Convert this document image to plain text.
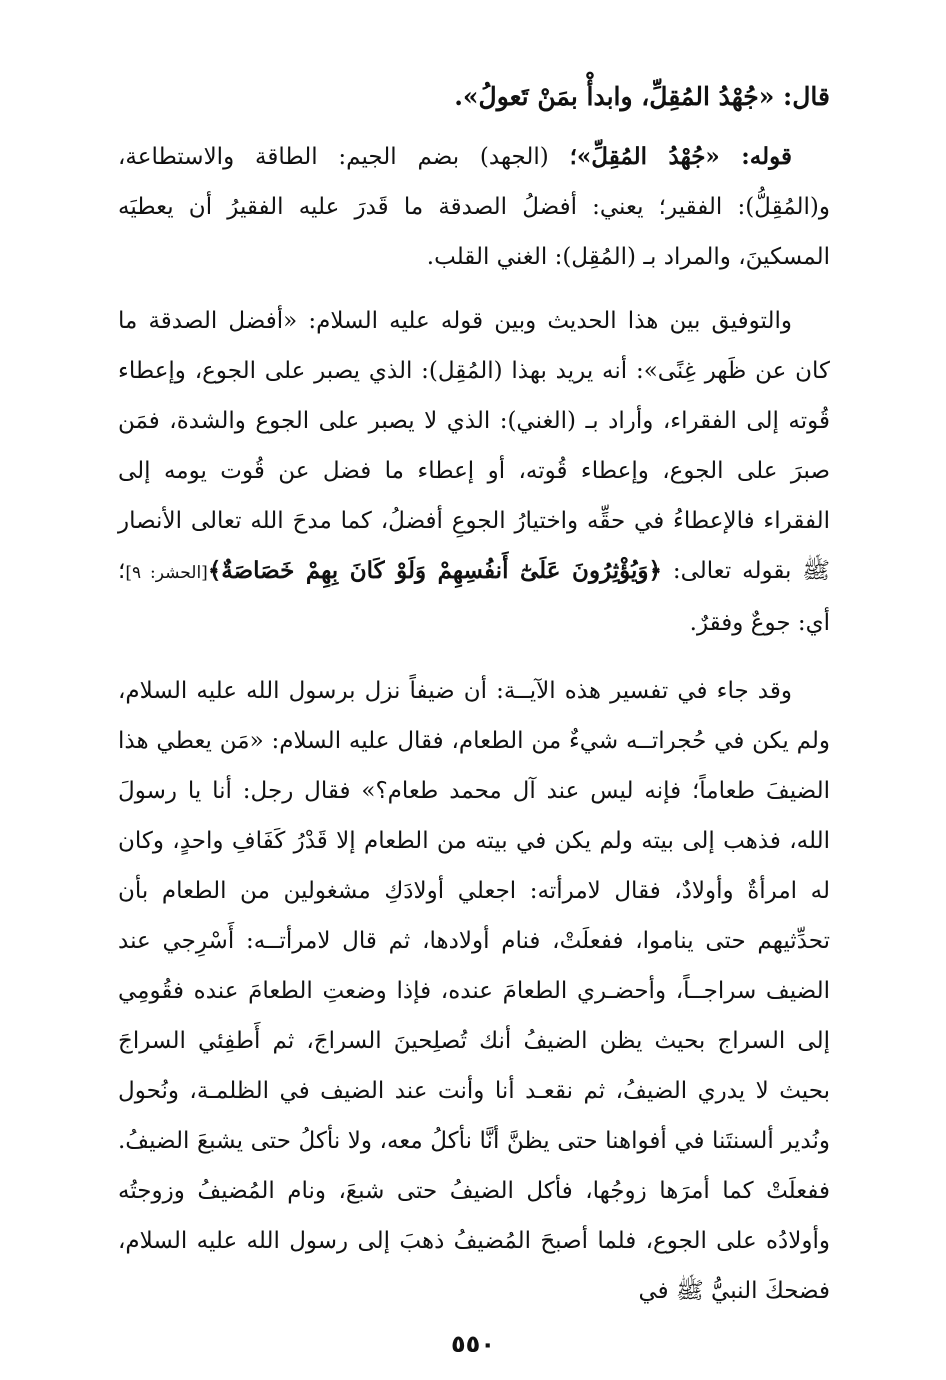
قال: «جُهْدُ المُقِلِّ، وابدأْ بمَنْ تَعولُ».

قوله: «جُهْدُ المُقِلِّ»؛ (الجهد) بضم الجيم: الطاقة والاستطاعة، و(المُقِلُّ): الفقير؛ يعني: أفضلُ الصدقة ما قَدرَ عليه الفقيرُ أن يعطيَه المسكينَ، والمراد بـ (المُقِل): الغني القلب.

والتوفيق بين هذا الحديث وبين قوله عليه السلام: «أفضل الصدقة ما كان عن ظَهر غِنًى»: أنه يريد بهذا (المُقِل): الذي يصبر على الجوع، وإعطاء قُوته إلى الفقراء، وأراد بـ (الغني): الذي لا يصبر على الجوع والشدة، فمَن صبرَ على الجوع، وإعطاء قُوته، أو إعطاء ما فضل عن قُوت يومه إلى الفقراء فالإعطاءُ في حقِّه واختيارُ الجوعِ أفضلُ، كما مدحَ الله تعالى الأنصار ﷺ بقوله تعالى: ﴿وَيُؤْثِرُونَ عَلَىٰٓ أَنفُسِهِمْ وَلَوْ كَانَ بِهِمْ خَصَاصَةٌ﴾[الحشر: ٩]؛ أي: جوعٌ وفقرٌ.

وقد جاء في تفسير هذه الآيــة: أن ضيفاً نزل برسول الله عليه السلام، ولم يكن في حُجراتــه شيءٌ من الطعام، فقال عليه السلام: «مَن يعطي هذا الضيفَ طعاماً؛ فإنه ليس عند آل محمد طعام؟» فقال رجل: أنا يا رسولَ الله، فذهب إلى بيته ولم يكن في بيته من الطعام إلا قَدْرُ كَفَافِ واحدٍ، وكان له امرأةٌ وأولادٌ، فقال لامرأته: اجعلي أولادَكِ مشغولين من الطعام بأن تحدِّثيهم حتى يناموا، ففعلَتْ، فنام أولادها، ثم قال لامرأتــه: أَسْرِجي عند الضيف سراجــاً، وأحضـري الطعامَ عنده، فإذا وضعتِ الطعامَ عنده فقُومِي إلى السراج بحيث يظن الضيفُ أنك تُصلِحينَ السراجَ، ثم أَطفِئي السراجَ بحيث لا يدري الضيفُ، ثم نقعـد أنا وأنت عند الضيف في الظلمـة، ونُحول ونُدير ألسنتَنا في أفواهنا حتى يظنَّ أنَّا نأكلُ معه، ولا نأكلُ حتى يشبعَ الضيفُ. ففعلَتْ كما أمرَها زوجُها، فأكل الضيفُ حتى شبعَ، ونام المُضيفُ وزوجتُه وأولادُه على الجوع، فلما أصبحَ المُضيفُ ذهبَ إلى رسول الله عليه السلام، فضحكَ النبيُّ ﷺ في

٥٥٠
